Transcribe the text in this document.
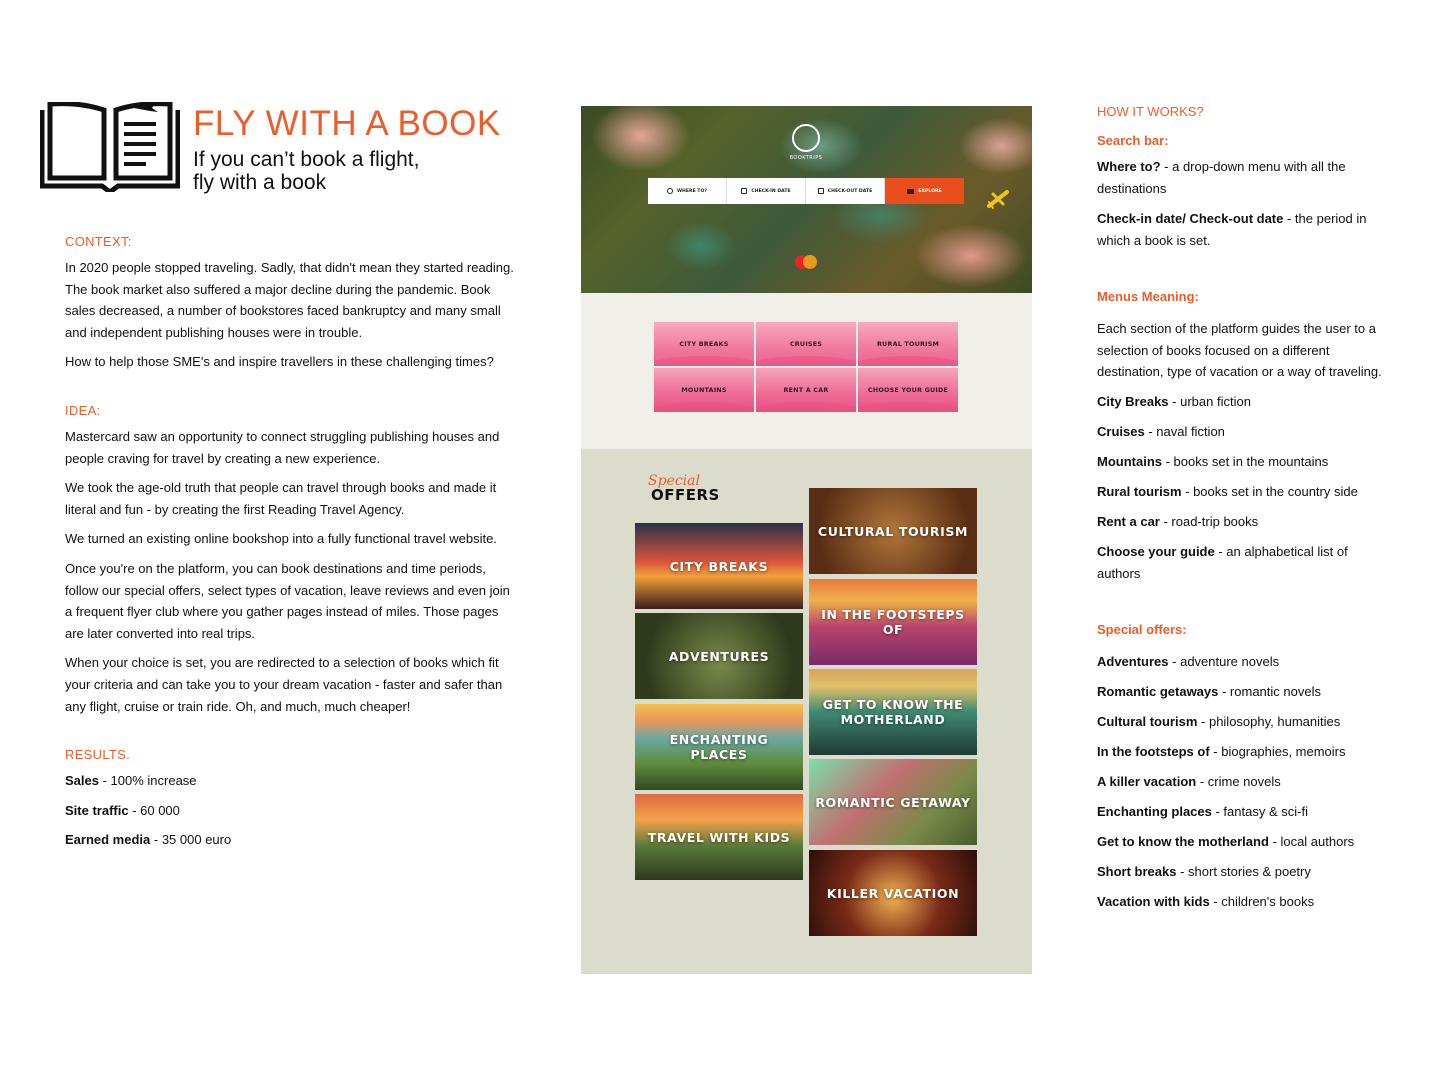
FLY WITH A BOOK
If you can’t book a flight,
fly with a book
CONTEXT:
In 2020 people stopped traveling. Sadly, that didn't mean they started reading. The book market also suffered a major decline during the pandemic. Book sales decreased, a number of bookstores faced bankruptcy and many small and independent publishing houses were in trouble.
How to help those SME's and inspire travellers in these challenging times?
IDEA:
Mastercard saw an opportunity to connect struggling publishing houses and people craving for travel by creating a new experience.
We took the age-old truth that people can travel through books and made it literal and fun - by creating the first Reading Travel Agency.
We turned an existing online bookshop into a fully functional travel website.
Once you're on the platform, you can book destinations and time periods, follow our special offers, select types of vacation, leave reviews and even join a frequent flyer club where you gather pages instead of miles. Those pages are later converted into real trips.
When your choice is set, you are redirected to a selection of books which fit your criteria and can take you to your dream vacation - faster and safer than any flight, cruise or train ride. Oh, and much, much cheaper!
RESULTS.
Sales - 100% increase
Site traffic - 60 000
Earned media - 35 000 euro
BOOKTRIPS
WHERE TO?	CHECK-IN DATE	CHECK-OUT DATE	EXPLORE
CITY BREAKS	CRUISES	RURAL TOURISM
MOUNTAINS	RENT A CAR	CHOOSE YOUR GUIDE
Special
OFFERS
CITY BREAKS
ADVENTURES
ENCHANTING PLACES
TRAVEL WITH KIDS
CULTURAL TOURISM
IN THE FOOTSTEPS OF
GET TO KNOW THE MOTHERLAND
ROMANTIC GETAWAY
KILLER VACATION
HOW IT WORKS?
Search bar:
Where to? - a drop-down menu with all the destinations
Check-in date/ Check-out date - the period in which a book is set.
Menus Meaning:
Each section of the platform guides the user to a selection of books focused on a different destination, type of vacation or a way of traveling.
City Breaks - urban fiction
Cruises - naval fiction
Mountains - books set in the mountains
Rural tourism - books set in the country side
Rent a car - road-trip books
Choose your guide - an alphabetical list of authors
Special offers:
Adventures - adventure novels
Romantic getaways - romantic novels
Cultural tourism - philosophy, humanities
In the footsteps of - biographies, memoirs
A killer vacation - crime novels
Enchanting places - fantasy & sci-fi
Get to know the motherland - local authors
Short breaks - short stories & poetry
Vacation with kids - children's books
